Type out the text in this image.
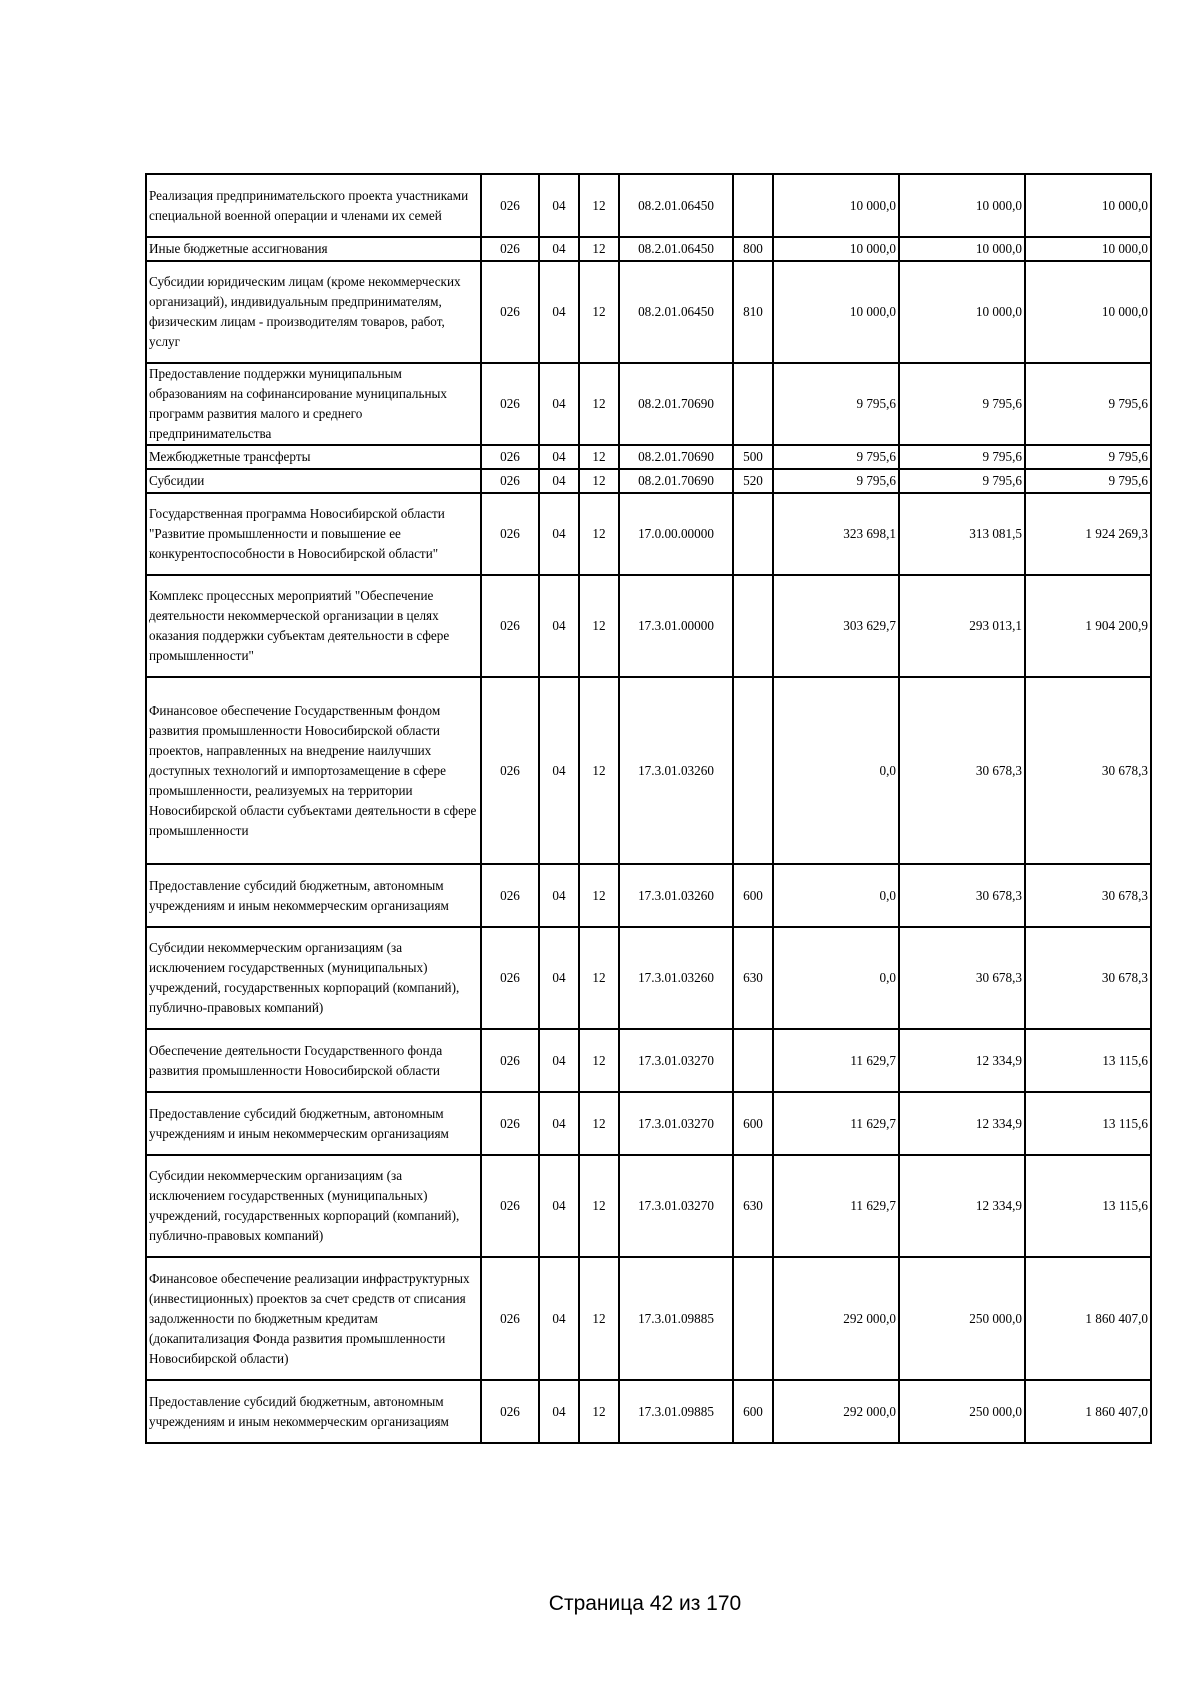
Реализация предпринимательского проекта участниками специальной военной операции и членами их семей	026	04	12	08.2.01.06450		10 000,0	10 000,0	10 000,0
Иные бюджетные ассигнования	026	04	12	08.2.01.06450	800	10 000,0	10 000,0	10 000,0
Субсидии юридическим лицам (кроме некоммерческих организаций), индивидуальным предпринимателям, физическим лицам - производителям товаров, работ, услуг	026	04	12	08.2.01.06450	810	10 000,0	10 000,0	10 000,0
Предоставление поддержки муниципальным образованиям на софинансирование муниципальных программ развития малого и среднего предпринимательства	026	04	12	08.2.01.70690		9 795,6	9 795,6	9 795,6
Межбюджетные трансферты	026	04	12	08.2.01.70690	500	9 795,6	9 795,6	9 795,6
Субсидии	026	04	12	08.2.01.70690	520	9 795,6	9 795,6	9 795,6
Государственная программа Новосибирской области "Развитие промышленности и повышение ее конкурентоспособности в Новосибирской области"	026	04	12	17.0.00.00000		323 698,1	313 081,5	1 924 269,3
Комплекс процессных мероприятий "Обеспечение деятельности некоммерческой организации в целях оказания поддержки субъектам деятельности в сфере промышленности"	026	04	12	17.3.01.00000		303 629,7	293 013,1	1 904 200,9
Финансовое обеспечение Государственным фондом развития промышленности Новосибирской области проектов, направленных на внедрение наилучших доступных технологий и импортозамещение в сфере промышленности, реализуемых на территории Новосибирской области субъектами деятельности в сфере промышленности	026	04	12	17.3.01.03260		0,0	30 678,3	30 678,3
Предоставление субсидий бюджетным, автономным учреждениям и иным некоммерческим организациям	026	04	12	17.3.01.03260	600	0,0	30 678,3	30 678,3
Субсидии некоммерческим организациям (за исключением государственных (муниципальных) учреждений, государственных корпораций (компаний), публично-правовых компаний)	026	04	12	17.3.01.03260	630	0,0	30 678,3	30 678,3
Обеспечение деятельности Государственного фонда развития промышленности Новосибирской области	026	04	12	17.3.01.03270		11 629,7	12 334,9	13 115,6
Предоставление субсидий бюджетным, автономным учреждениям и иным некоммерческим организациям	026	04	12	17.3.01.03270	600	11 629,7	12 334,9	13 115,6
Субсидии некоммерческим организациям (за исключением государственных (муниципальных) учреждений, государственных корпораций (компаний), публично-правовых компаний)	026	04	12	17.3.01.03270	630	11 629,7	12 334,9	13 115,6
Финансовое обеспечение реализации инфраструктурных (инвестиционных) проектов за счет средств от списания задолженности по бюджетным кредитам (докапитализация Фонда развития промышленности Новосибирской области)	026	04	12	17.3.01.09885		292 000,0	250 000,0	1 860 407,0
Предоставление субсидий бюджетным, автономным учреждениям и иным некоммерческим организациям	026	04	12	17.3.01.09885	600	292 000,0	250 000,0	1 860 407,0
Страница 42 из 170
